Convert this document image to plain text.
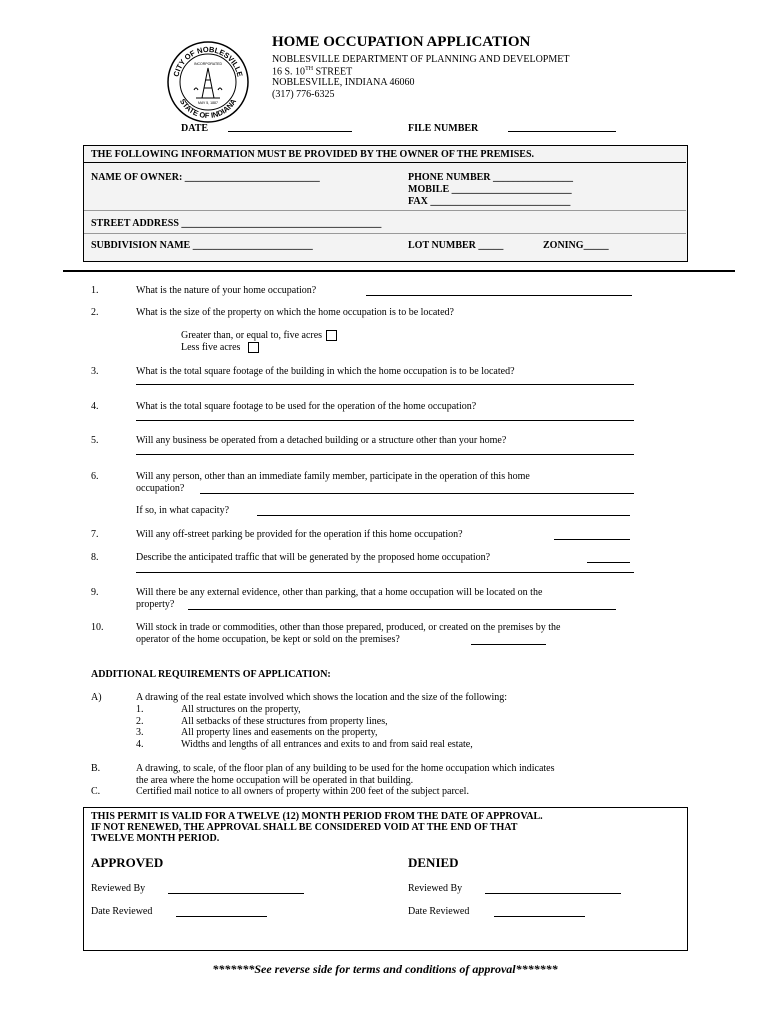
CITY OF NOBLESVILLE
STATE OF INDIANA
INCORPORATED
MAY 5, 1887
HOME OCCUPATION APPLICATION
NOBLESVILLE DEPARTMENT OF PLANNING AND DEVELOPMET
16 S. 10TH STREET
NOBLESVILLE, INDIANA 46060
(317) 776-6325
DATE	FILE NUMBER
THE FOLLOWING INFORMATION MUST BE PROVIDED BY THE OWNER OF THE PREMISES.
NAME OF OWNER: ___________________________	PHONE NUMBER ________________
MOBILE ________________________
FAX ____________________________
STREET ADDRESS ________________________________________
SUBDIVISION NAME ________________________	LOT NUMBER _____	ZONING_____
1.	What is the nature of your home occupation?
2.	What is the size of the property on which the home occupation is to be located?
Greater than, or equal to, five acres
Less five acres
3.	What is the total square footage of the building in which the home occupation is to be located?
4.	What is the total square footage to be used for the operation of the home occupation?
5.	Will any business be operated from a detached building or a structure other than your home?
6.	Will any person, other than an immediate family member, participate in the operation of this home
occupation?
If so, in what capacity?
7.	Will any off-street parking be provided for the operation if this home occupation?
8.	Describe the anticipated traffic that will be generated by the proposed home occupation?
9.	Will there be any external evidence, other than parking, that a home occupation will be located on the
property?
10.	Will stock in trade or commodities, other than those prepared, produced, or created on the premises by the
operator of the home occupation, be kept or sold on the premises?
ADDITIONAL REQUIREMENTS OF APPLICATION:
A)	A drawing of the real estate involved which shows the location and the size of the following:
1.	All structures on the property,
2.	All setbacks of these structures from property lines,
3.	All property lines and easements on the property,
4.	Widths and lengths of all entrances and exits to and from said real estate,
B.	A drawing, to scale, of the floor plan of any building to be used for the home occupation which indicates
the area where the home occupation will be operated in that building.
C.	Certified mail notice to all owners of property within 200 feet of the subject parcel.
THIS PERMIT IS VALID FOR A TWELVE (12) MONTH PERIOD FROM THE DATE OF APPROVAL.
IF NOT RENEWED, THE APPROVAL SHALL BE CONSIDERED VOID AT THE END OF THAT
TWELVE MONTH PERIOD.
APPROVED	DENIED
Reviewed By	Reviewed By
Date Reviewed	Date Reviewed
*******See reverse side for terms and conditions of approval*******
